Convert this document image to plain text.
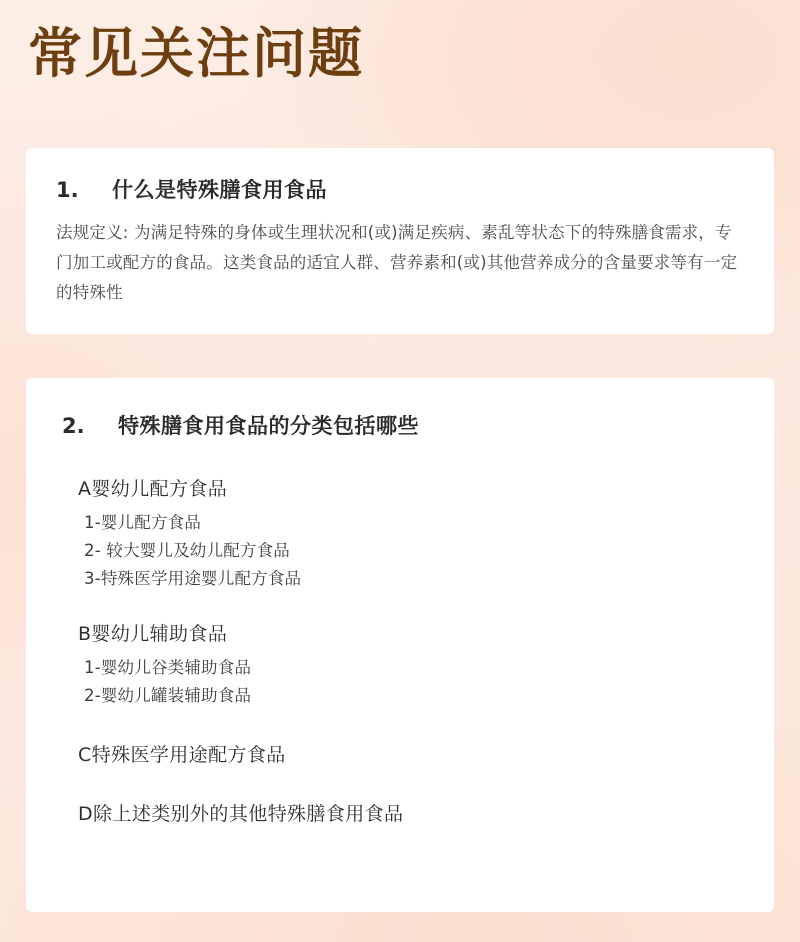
常见关注问题
1.	什么是特殊膳食用食品
法规定义: 为满足特殊的身体或生理状况和(或)满足疾病、素乱等状态下的特殊膳食需求，专门加工或配方的食品。这类食品的适宜人群、营养素和(或)其他营养成分的含量要求等有一定的特殊性
2.	特殊膳食用食品的分类包括哪些
A婴幼儿配方食品
1-婴儿配方食品
2- 较大婴儿及幼儿配方食品
3-特殊医学用途婴儿配方食品
B婴幼儿辅助食品
1-婴幼儿谷类辅助食品
2-婴幼儿罐装辅助食品
C特殊医学用途配方食品
D除上述类别外的其他特殊膳食用食品
